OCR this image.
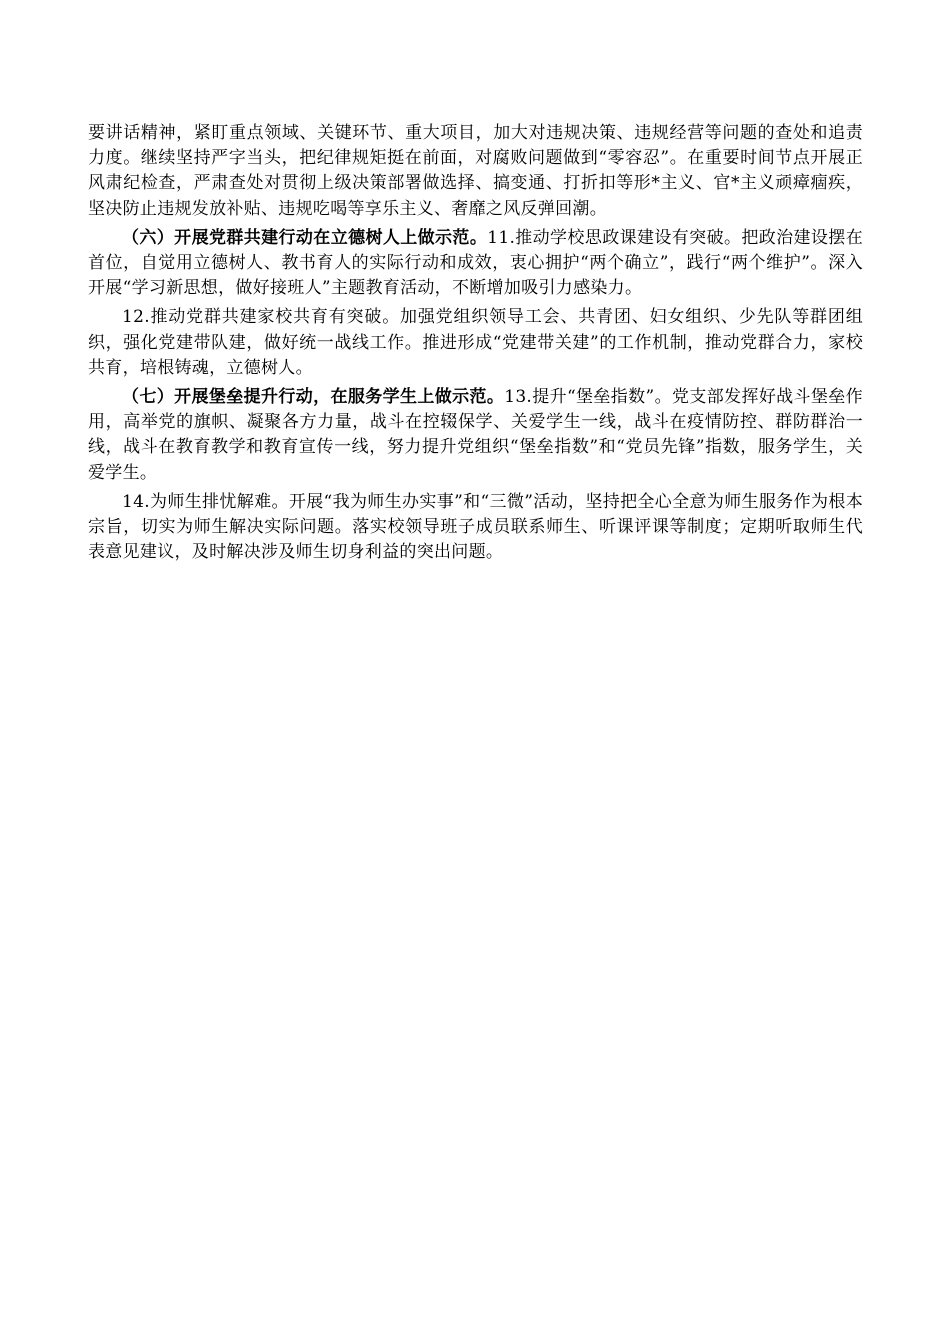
要讲话精神，紧盯重点领域、关键环节、重大项目，加大对违规决策、违规经营等问题的查处和追责力度。继续坚持严字当头，把纪律规矩挺在前面，对腐败问题做到“零容忍”。在重要时间节点开展正风肃纪检查，严肃查处对贯彻上级决策部署做选择、搞变通、打折扣等形*主义、官*主义顽瘴痼疾，坚决防止违规发放补贴、违规吃喝等享乐主义、奢靡之风反弹回潮。

（六）开展党群共建行动在立德树人上做示范。11.推动学校思政课建设有突破。把政治建设摆在首位，自觉用立德树人、教书育人的实际行动和成效，衷心拥护“两个确立”，践行“两个维护”。深入开展“学习新思想，做好接班人”主题教育活动，不断增加吸引力感染力。

12.推动党群共建家校共育有突破。加强党组织领导工会、共青团、妇女组织、少先队等群团组织，强化党建带队建，做好统一战线工作。推进形成“党建带关建”的工作机制，推动党群合力，家校共育，培根铸魂，立德树人。

（七）开展堡垒提升行动，在服务学生上做示范。13.提升“堡垒指数”。党支部发挥好战斗堡垒作用，高举党的旗帜、凝聚各方力量，战斗在控辍保学、关爱学生一线，战斗在疫情防控、群防群治一线，战斗在教育教学和教育宣传一线，努力提升党组织“堡垒指数”和“党员先锋”指数，服务学生，关爱学生。

14.为师生排忧解难。开展“我为师生办实事”和“三微”活动，坚持把全心全意为师生服务作为根本宗旨，切实为师生解决实际问题。落实校领导班子成员联系师生、听课评课等制度；定期听取师生代表意见建议，及时解决涉及师生切身利益的突出问题。
